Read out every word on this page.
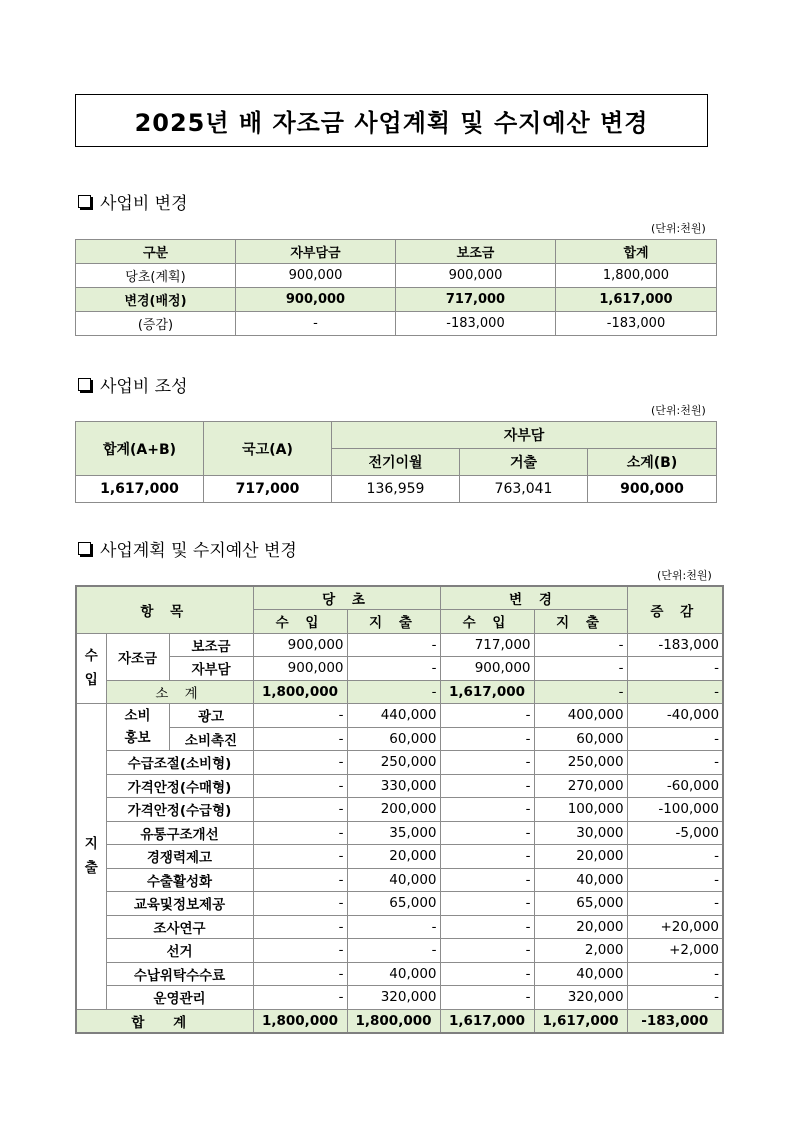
2025년 배 자조금 사업계획 및 수지예산 변경
사업비 변경
(단위:천원)
구분	자부담금	보조금	합계
당초(계획)	900,000	900,000	1,800,000
변경(배정)	900,000	717,000	1,617,000
(증감)	-	-183,000	-183,000
사업비 조성
(단위:천원)
합계(A+B)	국고(A)	자부담		
		전기이월	거출	소계(B)
1,617,000	717,000	136,959	763,041	900,000
사업계획 및 수지예산 변경
(단위:천원)
항 목			당 초		변 경		증 감
			수 입	지 출	수 입	지 출	

수
입	자조금	보조금	900,000	-	717,000	-	-183,000
		자부담	900,000	-	900,000	-	-
	소 계		1,800,000	-	1,617,000	-	-

지
출	소비
홍보	광고	-	440,000	-	400,000	-40,000
		소비촉진	-	60,000	-	60,000	-
	수급조절(소비형)		-	250,000	-	250,000	-
	가격안정(수매형)		-	330,000	-	270,000	-60,000
	가격안정(수급형)		-	200,000	-	100,000	-100,000
	유통구조개선		-	35,000	-	30,000	-5,000
	경쟁력제고		-	20,000	-	20,000	-
	수출활성화		-	40,000	-	40,000	-
	교육및정보제공		-	65,000	-	65,000	-
	조사연구		-	-	-	20,000	+20,000
	선거		-	-	-	2,000	+2,000
	수납위탁수수료		-	40,000	-	40,000	-
	운영관리		-	320,000	-	320,000	-
합 계			1,800,000	1,800,000	1,617,000	1,617,000	-183,000
